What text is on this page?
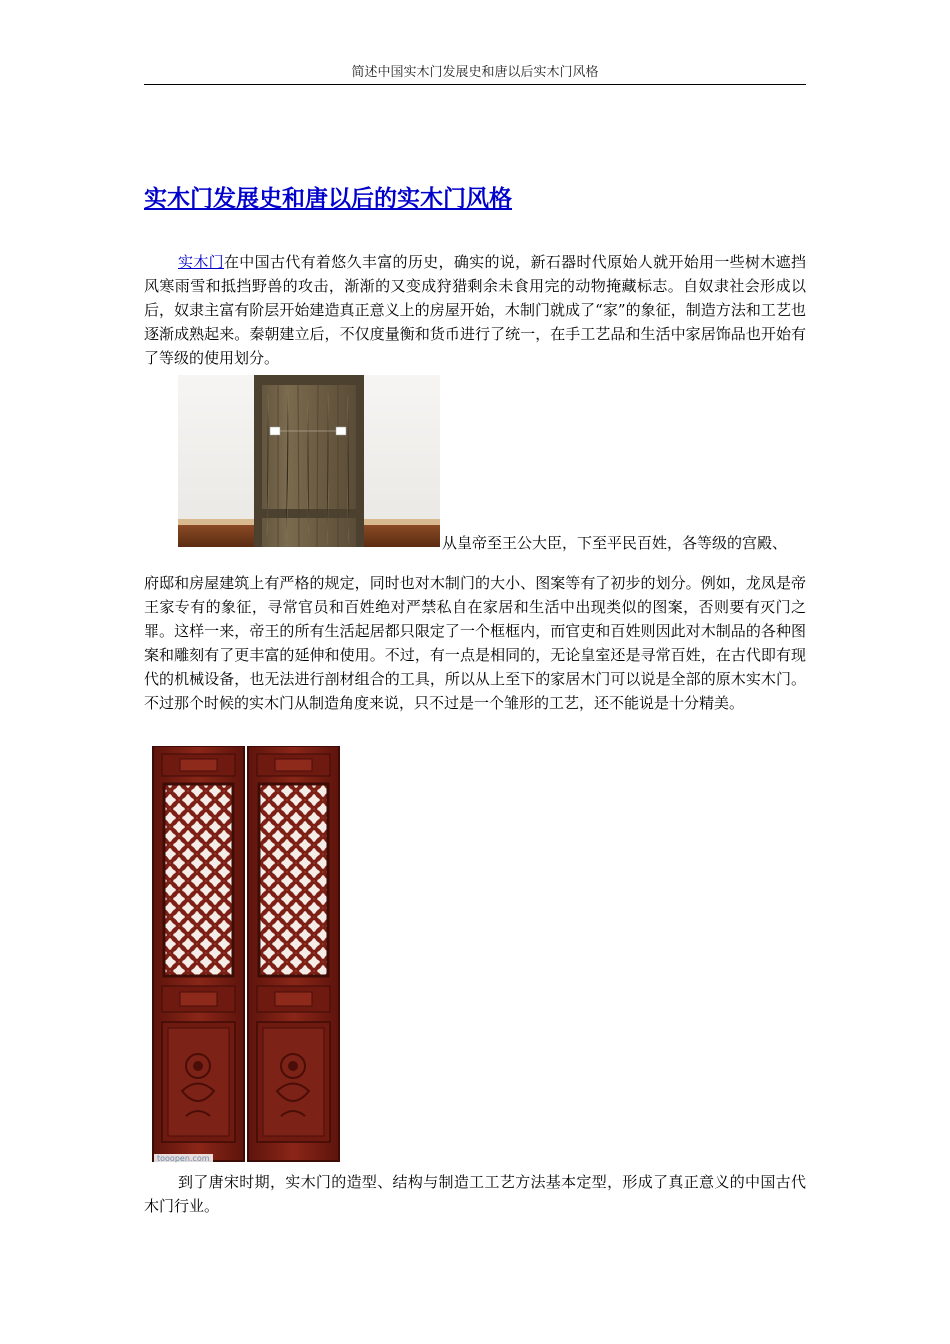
简述中国实木门发展史和唐以后实木门风格
实木门发展史和唐以后的实木门风格

实木门在中国古代有着悠久丰富的历史，确实的说，新石器时代原始人就开始用一些树木遮挡风寒雨雪和抵挡野兽的攻击，渐渐的又变成狩猎剩余未食用完的动物掩藏标志。自奴隶社会形成以后，奴隶主富有阶层开始建造真正意义上的房屋开始，木制门就成了“家”的象征，制造方法和工艺也逐渐成熟起来。秦朝建立后，不仅度量衡和货币进行了统一，在手工艺品和生活中家居饰品也开始有了等级的使用划分。

从皇帝至王公大臣，下至平民百姓，各等级的宫殿、

府邸和房屋建筑上有严格的规定，同时也对木制门的大小、图案等有了初步的划分。例如，龙凤是帝王家专有的象征，寻常官员和百姓绝对严禁私自在家居和生活中出现类似的图案，否则要有灭门之罪。这样一来，帝王的所有生活起居都只限定了一个框框内，而官吏和百姓则因此对木制品的各种图案和雕刻有了更丰富的延伸和使用。不过，有一点是相同的，无论皇室还是寻常百姓，在古代即有现代的机械设备，也无法进行剖材组合的工具，所以从上至下的家居木门可以说是全部的原木实木门。不过那个时候的实木门从制造角度来说，只不过是一个雏形的工艺，还不能说是十分精美。

tooopen.com

到了唐宋时期，实木门的造型、结构与制造工工艺方法基本定型，形成了真正意义的中国古代木门行业。
